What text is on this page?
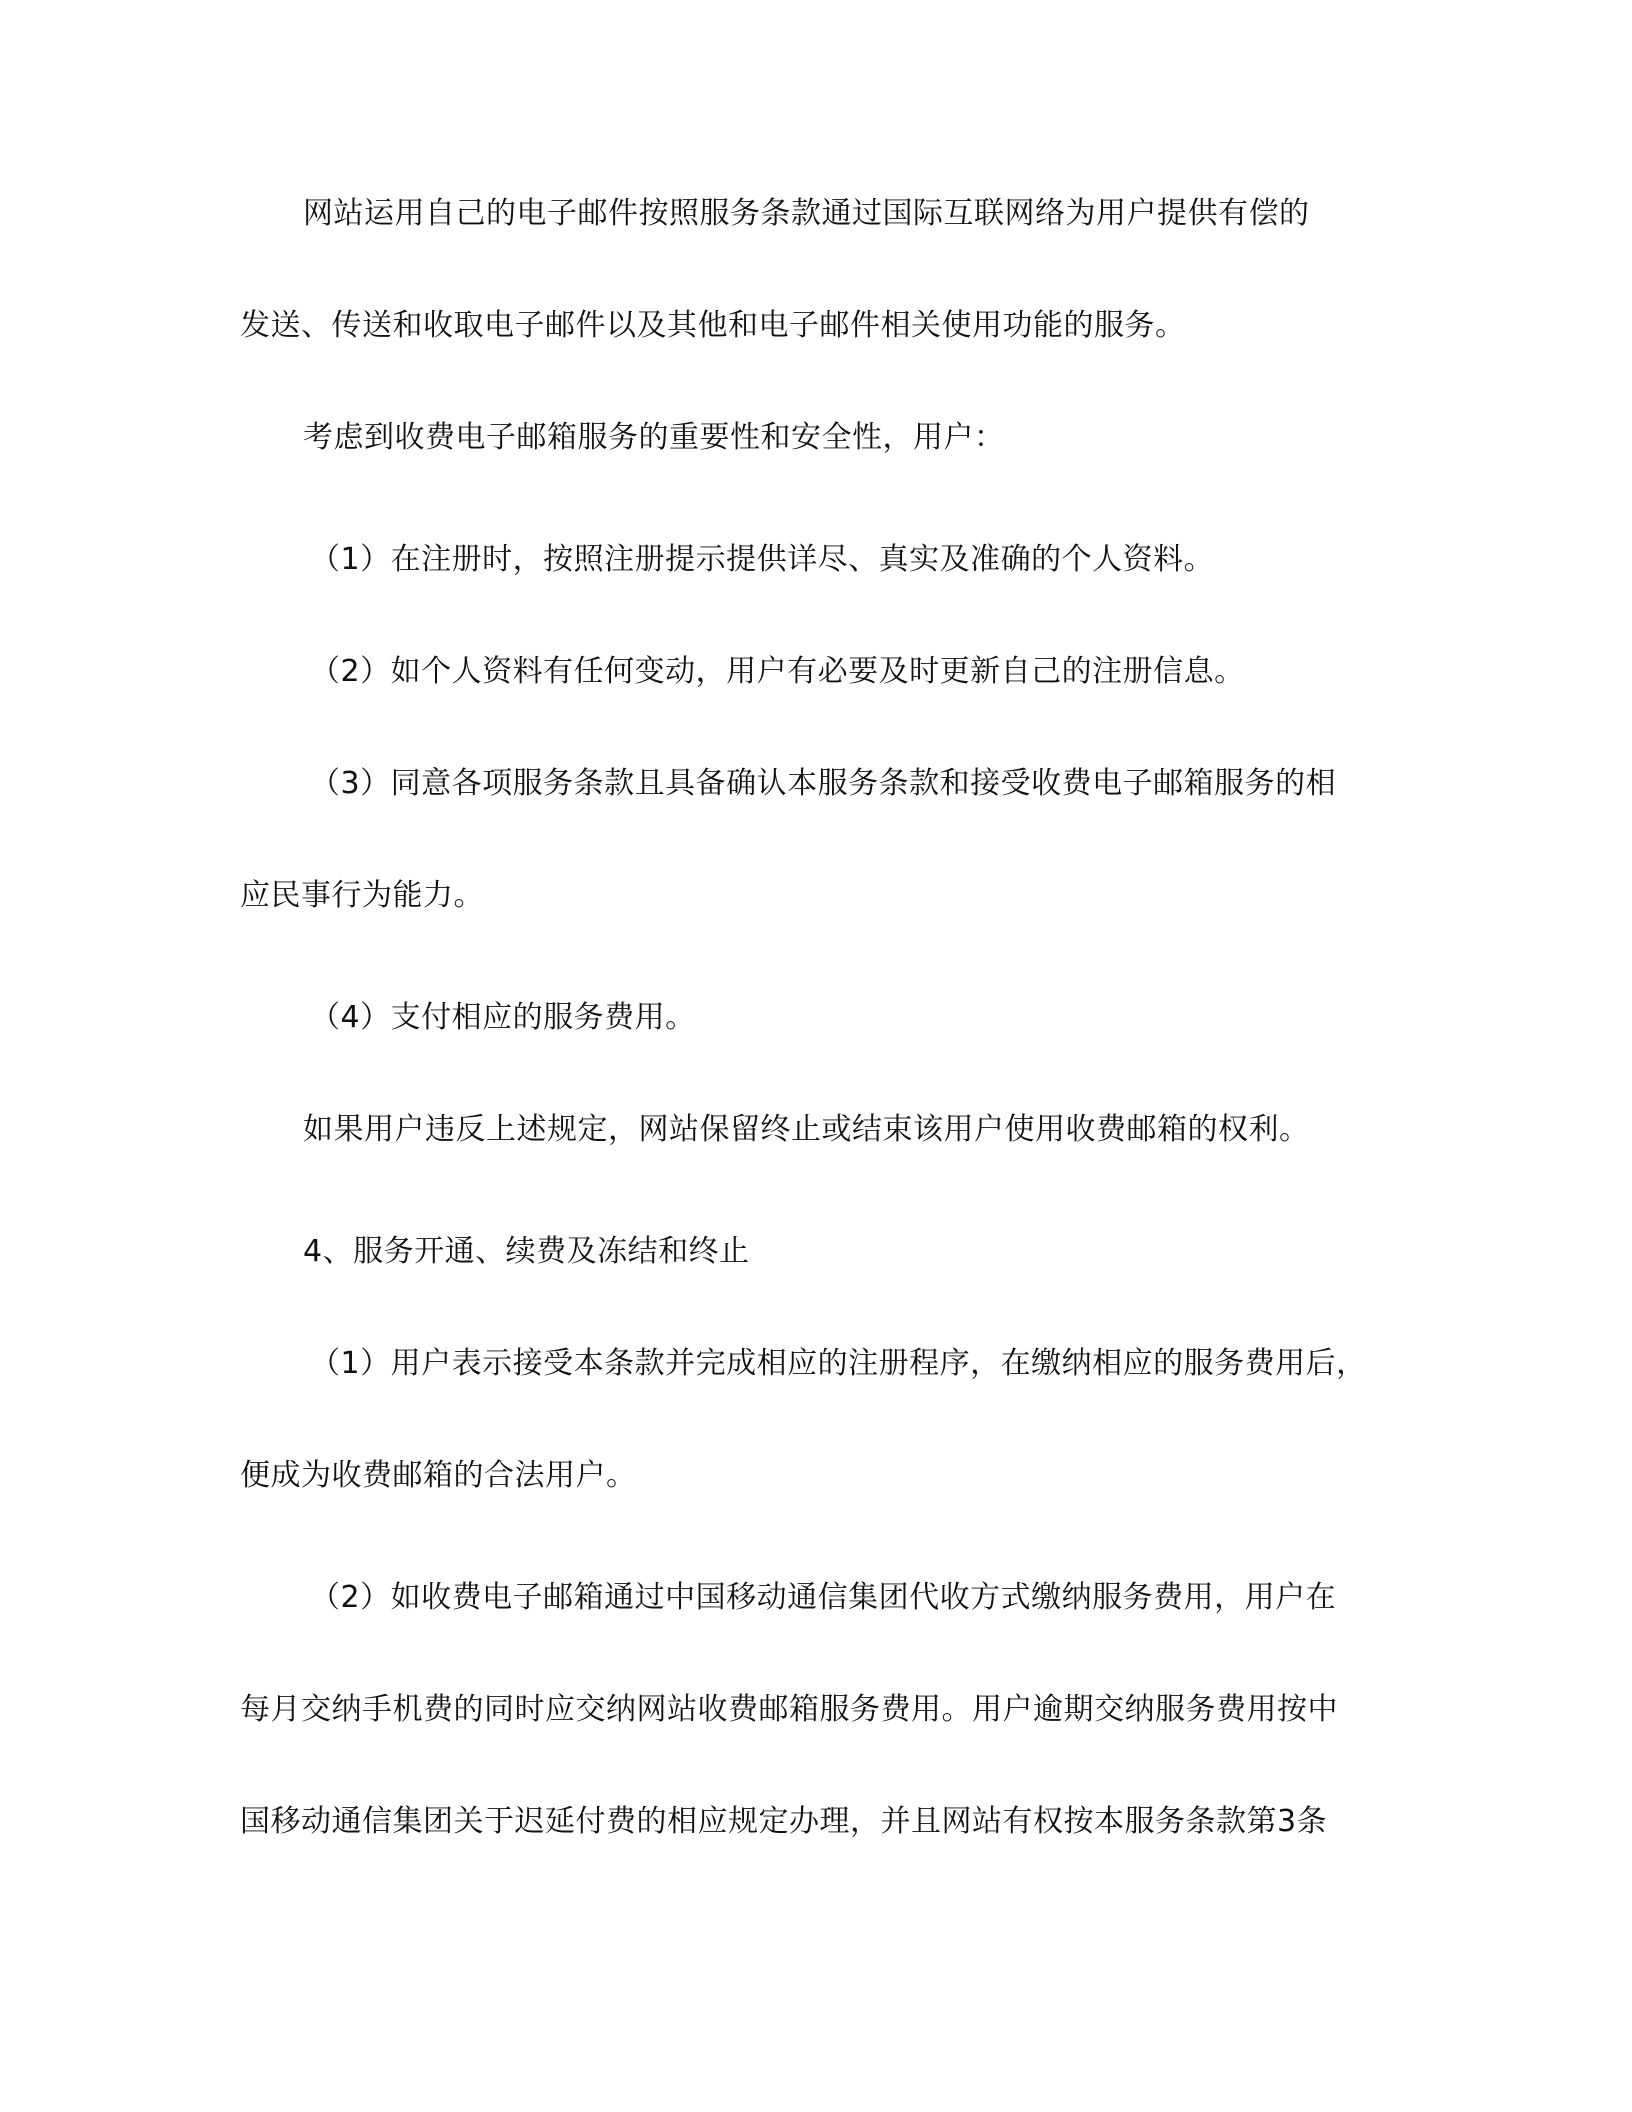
网站运用自己的电子邮件按照服务条款通过国际互联网络为用户提供有偿的
发送、传送和收取电子邮件以及其他和电子邮件相关使用功能的服务。
考虑到收费电子邮箱服务的重要性和安全性，用户：
（1）在注册时，按照注册提示提供详尽、真实及准确的个人资料。
（2）如个人资料有任何变动，用户有必要及时更新自己的注册信息。
（3）同意各项服务条款且具备确认本服务条款和接受收费电子邮箱服务的相
应民事行为能力。
（4）支付相应的服务费用。
如果用户违反上述规定，网站保留终止或结束该用户使用收费邮箱的权利。
4、服务开通、续费及冻结和终止
（1）用户表示接受本条款并完成相应的注册程序，在缴纳相应的服务费用后，
便成为收费邮箱的合法用户。
（2）如收费电子邮箱通过中国移动通信集团代收方式缴纳服务费用，用户在
每月交纳手机费的同时应交纳网站收费邮箱服务费用。用户逾期交纳服务费用按中
国移动通信集团关于迟延付费的相应规定办理，并且网站有权按本服务条款第3条
